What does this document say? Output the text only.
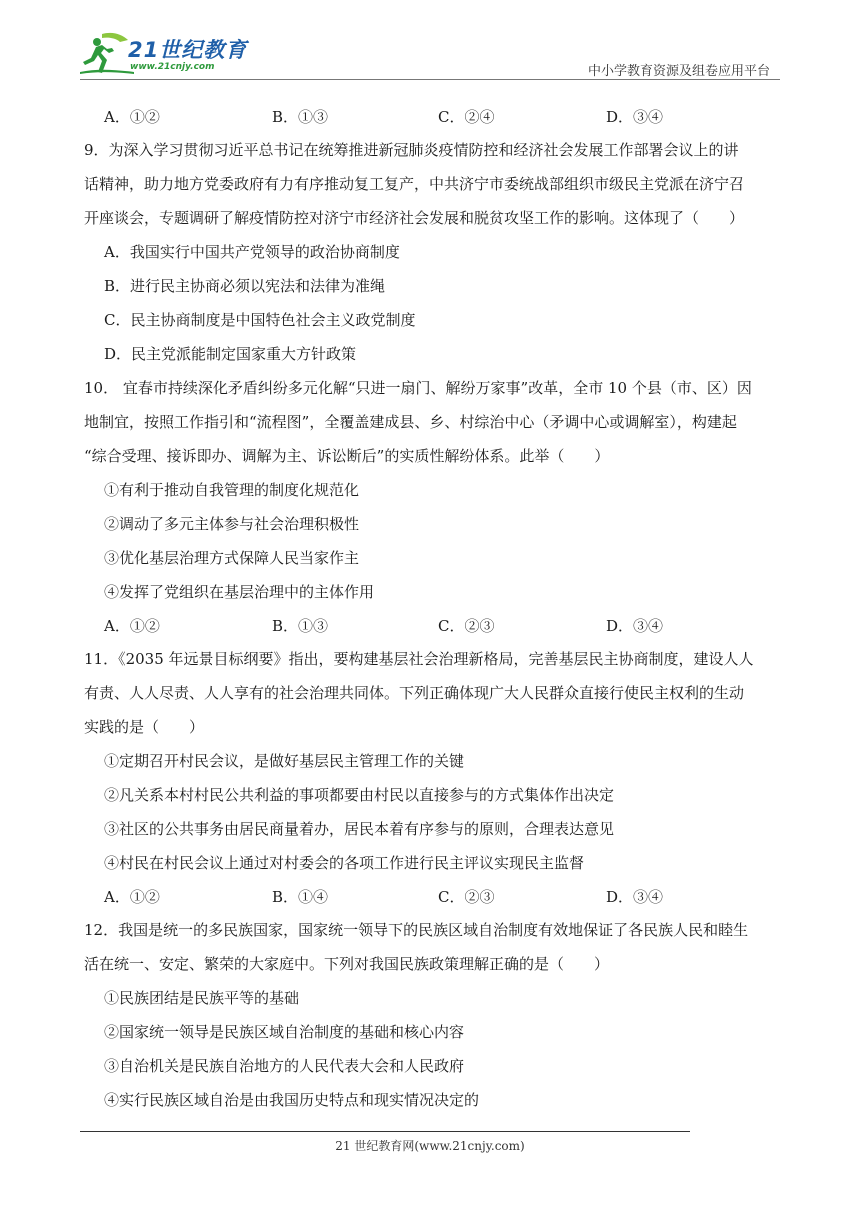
21世纪教育
www.21cnjy.com	中小学教育资源及组卷应用平台
A．①②	B．①③	C．②④	D．③④
9．为深入学习贯彻习近平总书记在统筹推进新冠肺炎疫情防控和经济社会发展工作部署会议上的讲
话精神，助力地方党委政府有力有序推动复工复产，中共济宁市委统战部组织市级民主党派在济宁召
开座谈会，专题调研了解疫情防控对济宁市经济社会发展和脱贫攻坚工作的影响。这体现了（　　）
A．我国实行中国共产党领导的政治协商制度
B．进行民主协商必须以宪法和法律为准绳
C．民主协商制度是中国特色社会主义政党制度
D．民主党派能制定国家重大方针政策
10． 宜春市持续深化矛盾纠纷多元化解“只进一扇门、解纷万家事”改革，全市 10 个县（市、区）因
地制宜，按照工作指引和“流程图”，全覆盖建成县、乡、村综治中心（矛调中心或调解室），构建起
“综合受理、接诉即办、调解为主、诉讼断后”的实质性解纷体系。此举（　　）
①有利于推动自我管理的制度化规范化
②调动了多元主体参与社会治理积极性
③优化基层治理方式保障人民当家作主
④发挥了党组织在基层治理中的主体作用
A．①②	B．①③	C．②③	D．③④
11．《2035 年远景目标纲要》指出，要构建基层社会治理新格局，完善基层民主协商制度，建设人人
有责、人人尽责、人人享有的社会治理共同体。下列正确体现广大人民群众直接行使民主权利的生动
实践的是（　　）
①定期召开村民会议，是做好基层民主管理工作的关键
②凡关系本村村民公共利益的事项都要由村民以直接参与的方式集体作出决定
③社区的公共事务由居民商量着办，居民本着有序参与的原则，合理表达意见
④村民在村民会议上通过对村委会的各项工作进行民主评议实现民主监督
A．①②	B．①④	C．②③	D．③④
12．我国是统一的多民族国家，国家统一领导下的民族区域自治制度有效地保证了各民族人民和睦生
活在统一、安定、繁荣的大家庭中。下列对我国民族政策理解正确的是（　　）
①民族团结是民族平等的基础
②国家统一领导是民族区域自治制度的基础和核心内容
③自治机关是民族自治地方的人民代表大会和人民政府
④实行民族区域自治是由我国历史特点和现实情况决定的
21 世纪教育网(www.21cnjy.com)
